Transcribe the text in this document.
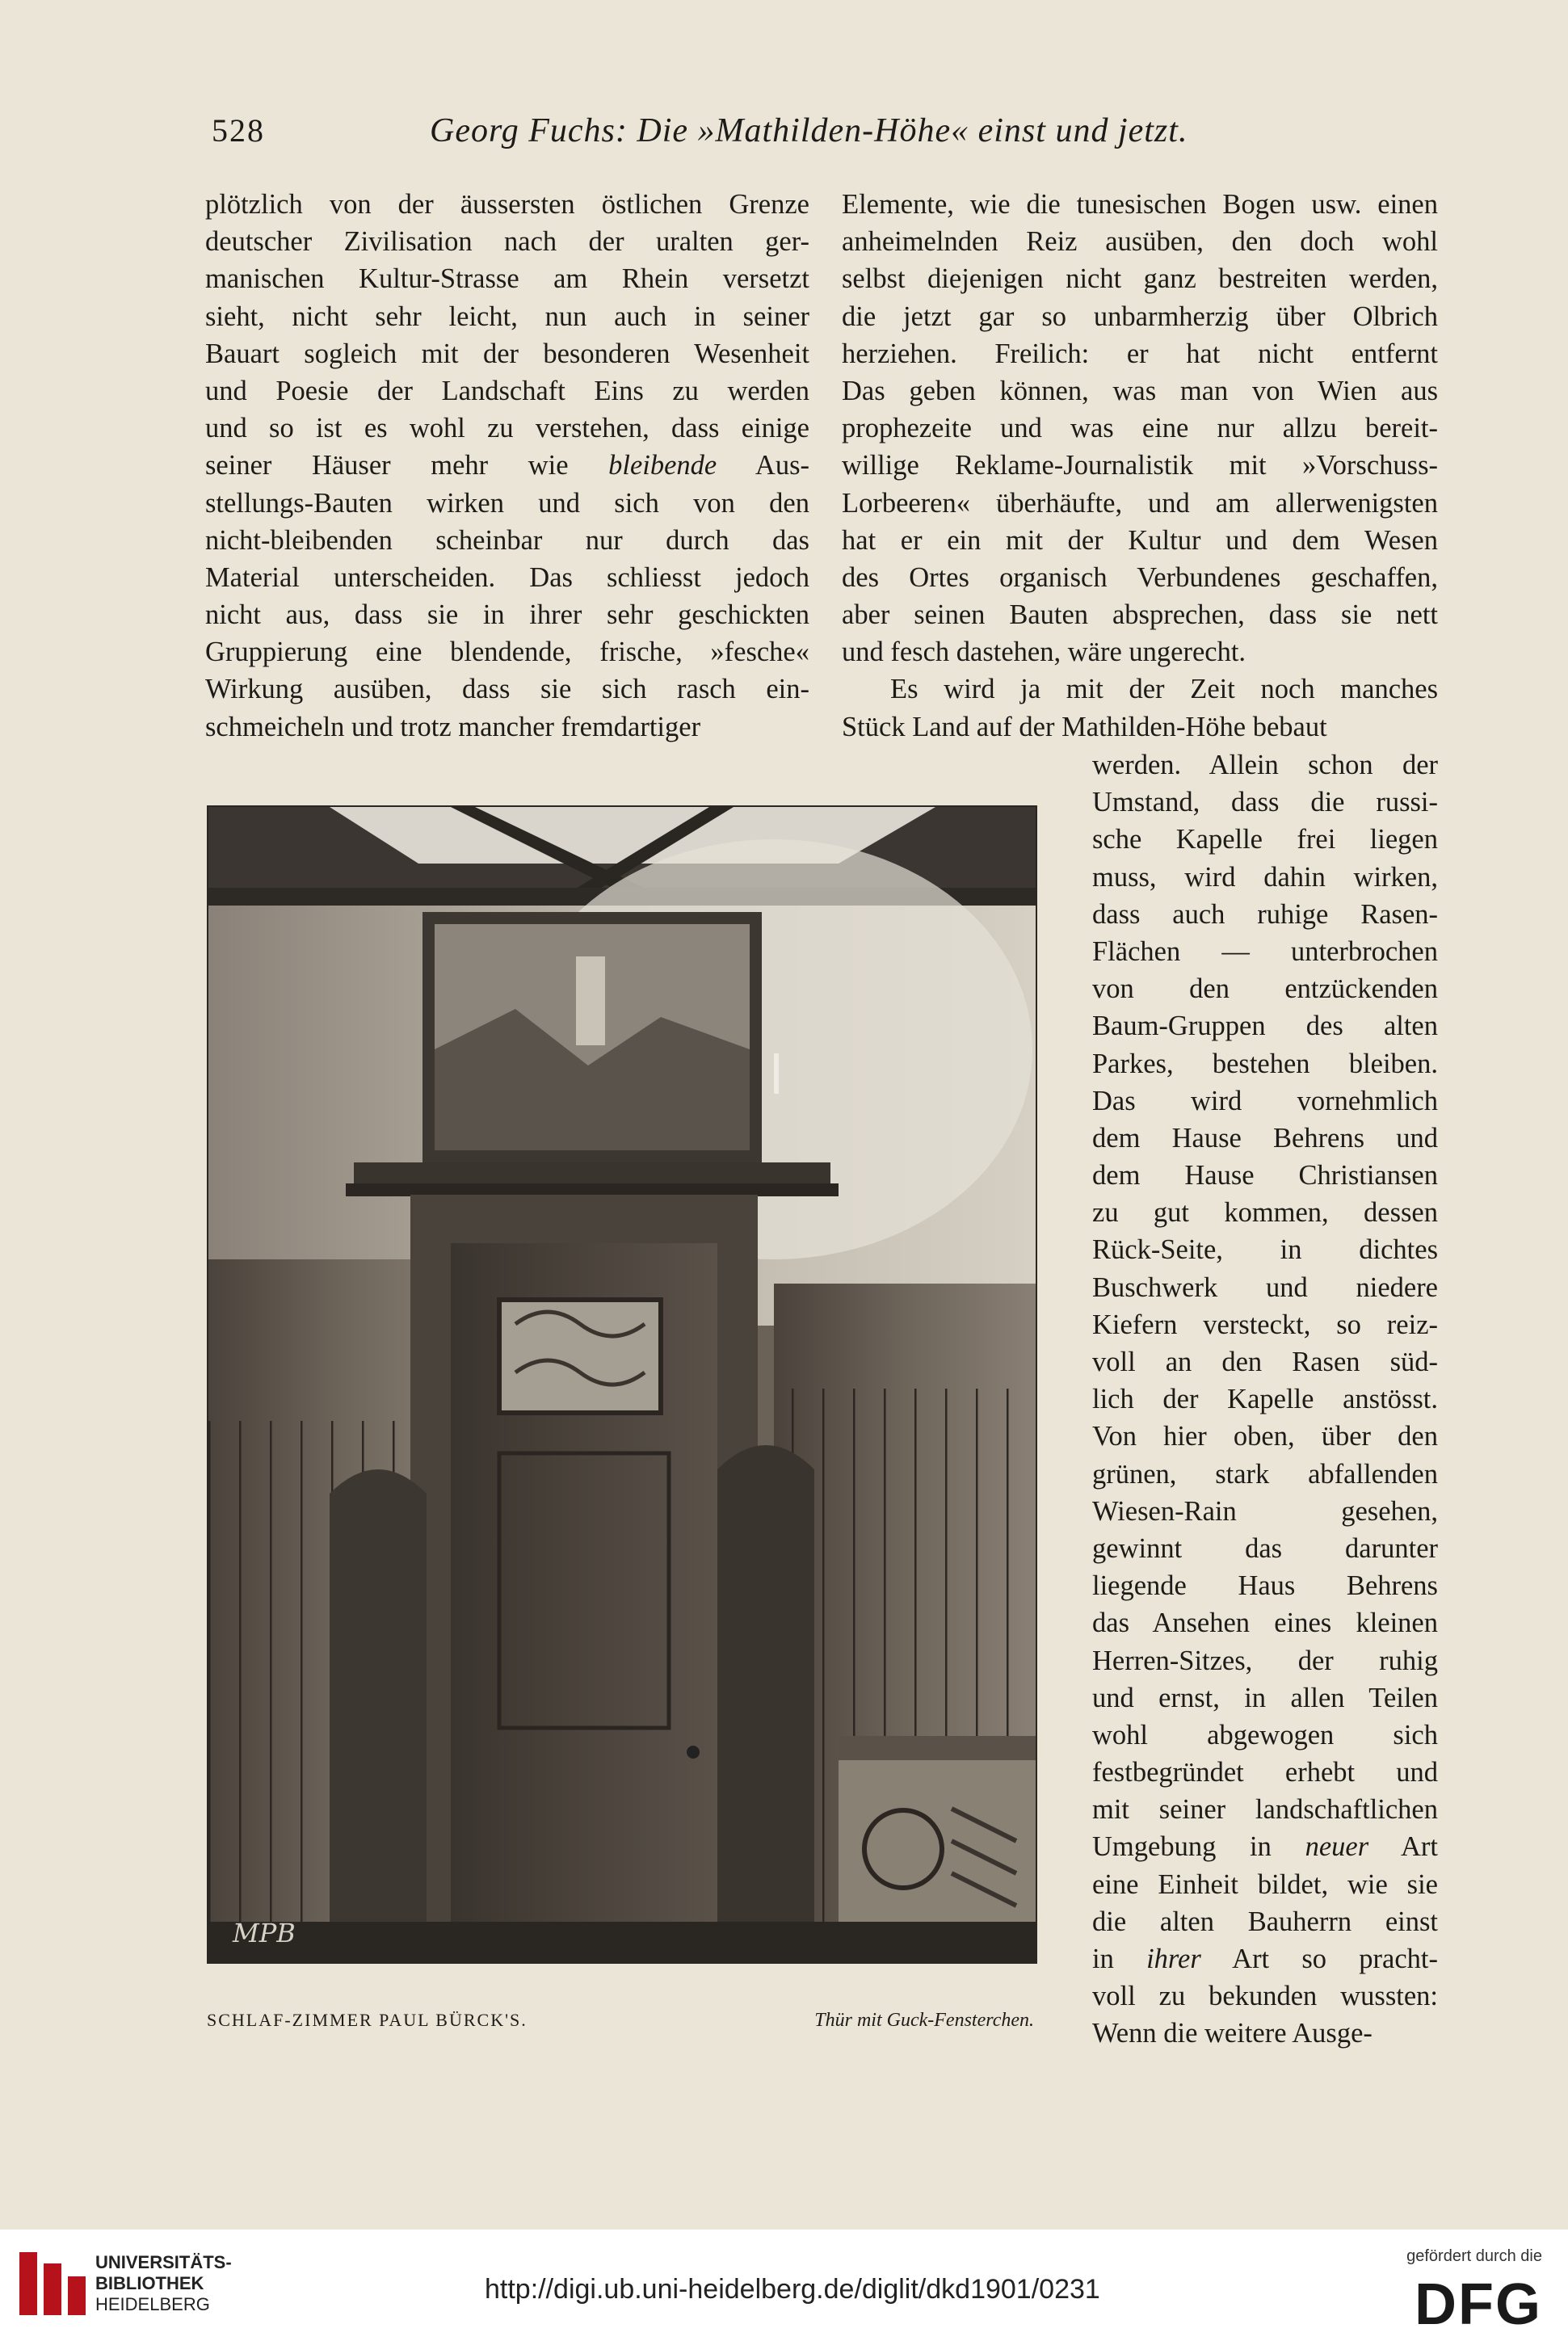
528	Georg Fuchs: Die »Mathilden-Höhe« einst und jetzt.
plötzlich von der äussersten östlichen Grenze
deutscher Zivilisation nach der uralten ger-
manischen Kultur-Strasse am Rhein versetzt
sieht, nicht sehr leicht, nun auch in seiner
Bauart sogleich mit der besonderen Wesenheit
und Poesie der Landschaft Eins zu werden
und so ist es wohl zu verstehen, dass einige
seiner Häuser mehr wie bleibende Aus-
stellungs-Bauten wirken und sich von den
nicht-bleibenden scheinbar nur durch das
Material unterscheiden. Das schliesst jedoch
nicht aus, dass sie in ihrer sehr geschickten
Gruppierung eine blendende, frische, »fesche«
Wirkung ausüben, dass sie sich rasch ein-
schmeicheln und trotz mancher fremdartiger
Elemente, wie die tunesischen Bogen usw. einen
anheimelnden Reiz ausüben, den doch wohl
selbst diejenigen nicht ganz bestreiten werden,
die jetzt gar so unbarmherzig über Olbrich
herziehen. Freilich: er hat nicht entfernt
Das geben können, was man von Wien aus
prophezeite und was eine nur allzu bereit-
willige Reklame-Journalistik mit »Vorschuss-
Lorbeeren« überhäufte, und am allerwenigsten
hat er ein mit der Kultur und dem Wesen
des Ortes organisch Verbundenes geschaffen,
aber seinen Bauten absprechen, dass sie nett
und fesch dastehen, wäre ungerecht.
Es wird ja mit der Zeit noch manches
Stück Land auf der Mathilden-Höhe bebaut
werden. Allein schon der
Umstand, dass die russi-
sche Kapelle frei liegen
muss, wird dahin wirken,
dass auch ruhige Rasen-
Flächen — unterbrochen
von den entzückenden
Baum-Gruppen des alten
Parkes, bestehen bleiben.
Das wird vornehmlich
dem Hause Behrens und
dem Hause Christiansen
zu gut kommen, dessen
Rück-Seite, in dichtes
Buschwerk und niedere
Kiefern versteckt, so reiz-
voll an den Rasen süd-
lich der Kapelle anstösst.
Von hier oben, über den
grünen, stark abfallenden
Wiesen-Rain gesehen,
gewinnt das darunter
liegende Haus Behrens
das Ansehen eines kleinen
Herren-Sitzes, der ruhig
und ernst, in allen Teilen
wohl abgewogen sich
festbegründet erhebt und
mit seiner landschaftlichen
Umgebung in neuer Art
eine Einheit bildet, wie sie
die alten Bauherrn einst
in ihrer Art so pracht-
voll zu bekunden wussten:
Wenn die weitere Ausge-
MPB
SCHLAF-ZIMMER PAUL BÜRCK'S.	Thür mit Guck-Fensterchen.
UNIVERSITÄTS-
BIBLIOTHEK
HEIDELBERG	http://digi.ub.uni-heidelberg.de/diglit/dkd1901/0231
gefördert durch die
DFG
